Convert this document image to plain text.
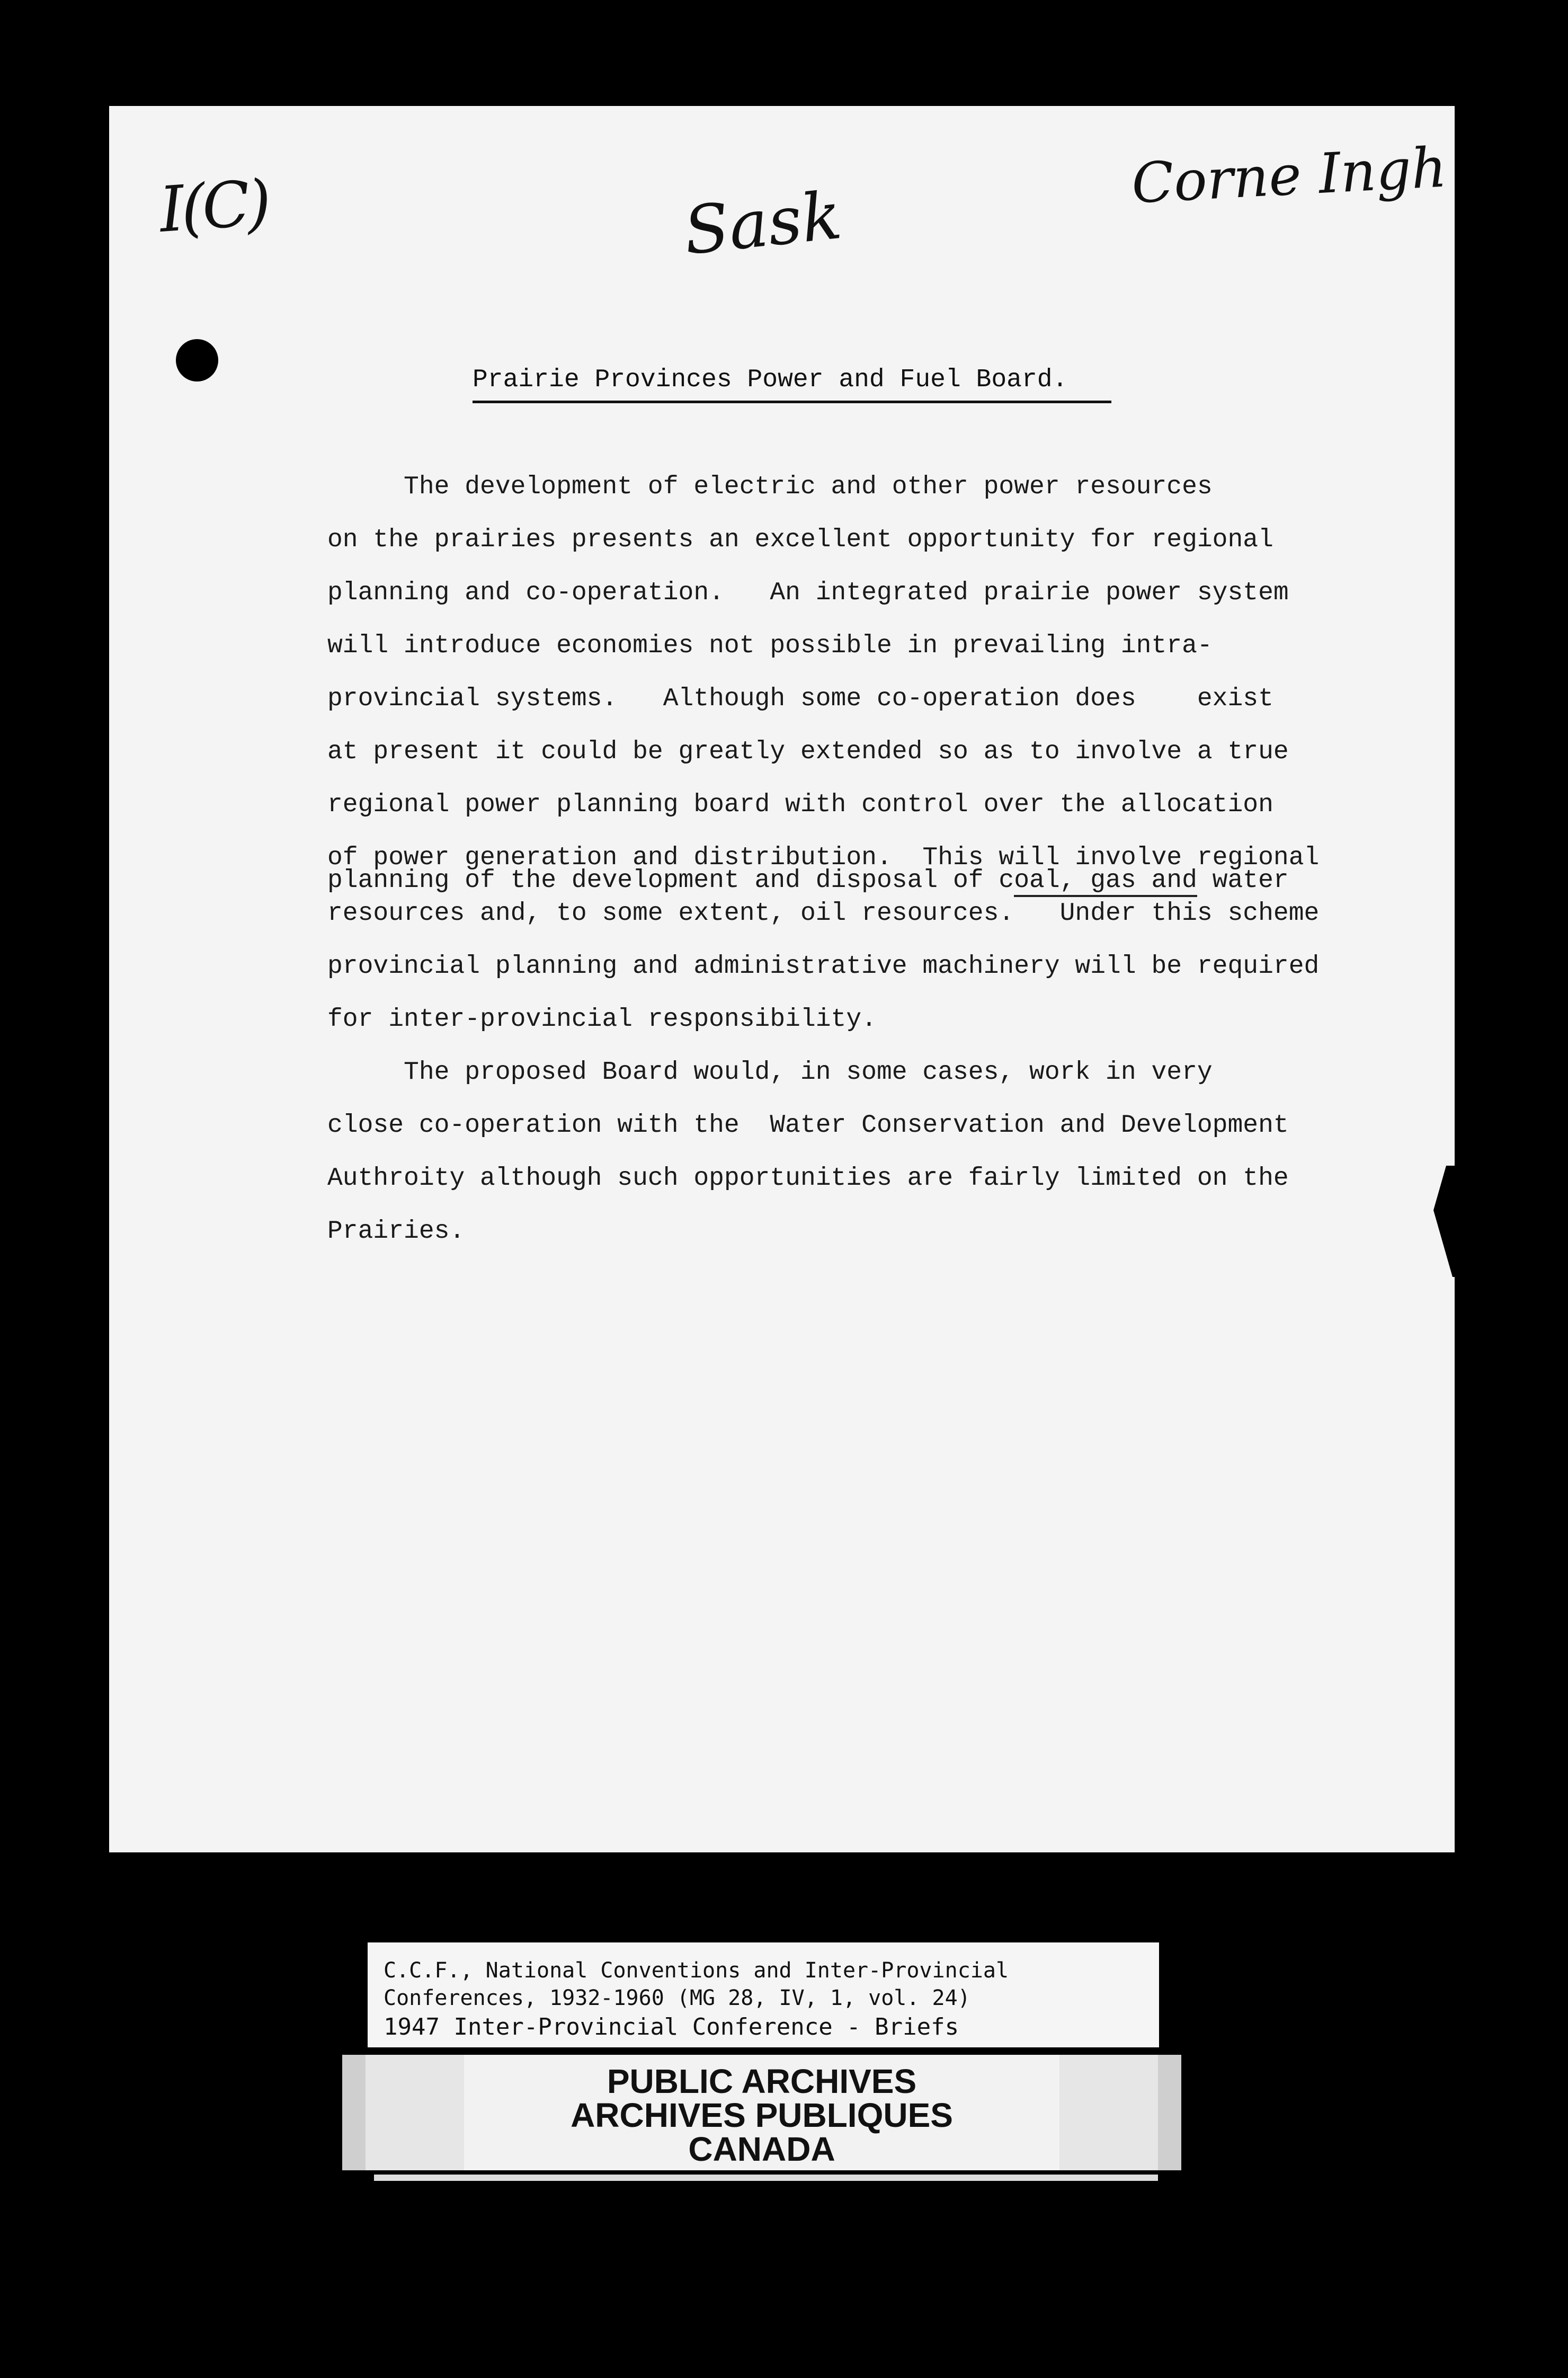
I(C)	Sask
Corne Ingh
Prairie Provinces Power and Fuel Board.
The development of electric and other power resources
on the prairies presents an excellent opportunity for regional
planning and co-operation.   An integrated prairie power system
will introduce economies not possible in prevailing intra-
provincial systems.   Although some co-operation does    exist
at present it could be greatly extended so as to involve a true
regional power planning board with control over the allocation
of power generation and distribution.  This will involve regional
planning of the development and disposal of coal, gas and water
resources and, to some extent, oil resources.   Under this scheme
provincial planning and administrative machinery will be required
for inter-provincial responsibility.
The proposed Board would, in some cases, work in very
close co-operation with the  Water Conservation and Development
Authroity although such opportunities are fairly limited on the
Prairies.
C.C.F., National Conventions and Inter-Provincial
Conferences, 1932-1960 (MG 28, IV, 1, vol. 24)
1947 Inter-Provincial Conference - Briefs
PUBLIC ARCHIVES
ARCHIVES PUBLIQUES
CANADA
